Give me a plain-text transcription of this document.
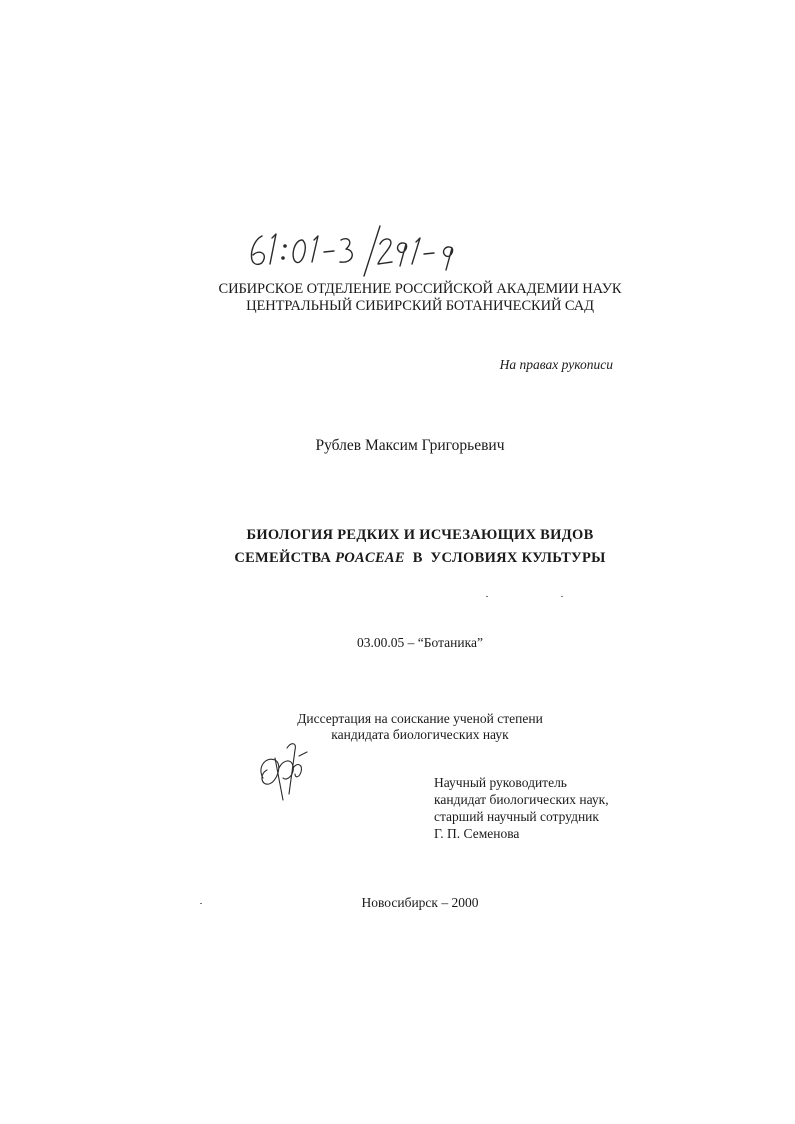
СИБИРСКОЕ ОТДЕЛЕНИЕ РОССИЙСКОЙ АКАДЕМИИ НАУК
ЦЕНТРАЛЬНЫЙ СИБИРСКИЙ БОТАНИЧЕСКИЙ САД
На правах рукописи
Рублев Максим Григорьевич
БИОЛОГИЯ РЕДКИХ И ИСЧЕЗАЮЩИХ ВИДОВ
СЕМЕЙСТВА POACEAE  В  УСЛОВИЯХ КУЛЬТУРЫ
03.00.05 – “Ботаника”
Диссертация на соискание ученой степени
кандидата биологических наук
Научный руководитель
кандидат биологических наук,
старший научный сотрудник
Г. П. Семенова
Новосибирск – 2000
